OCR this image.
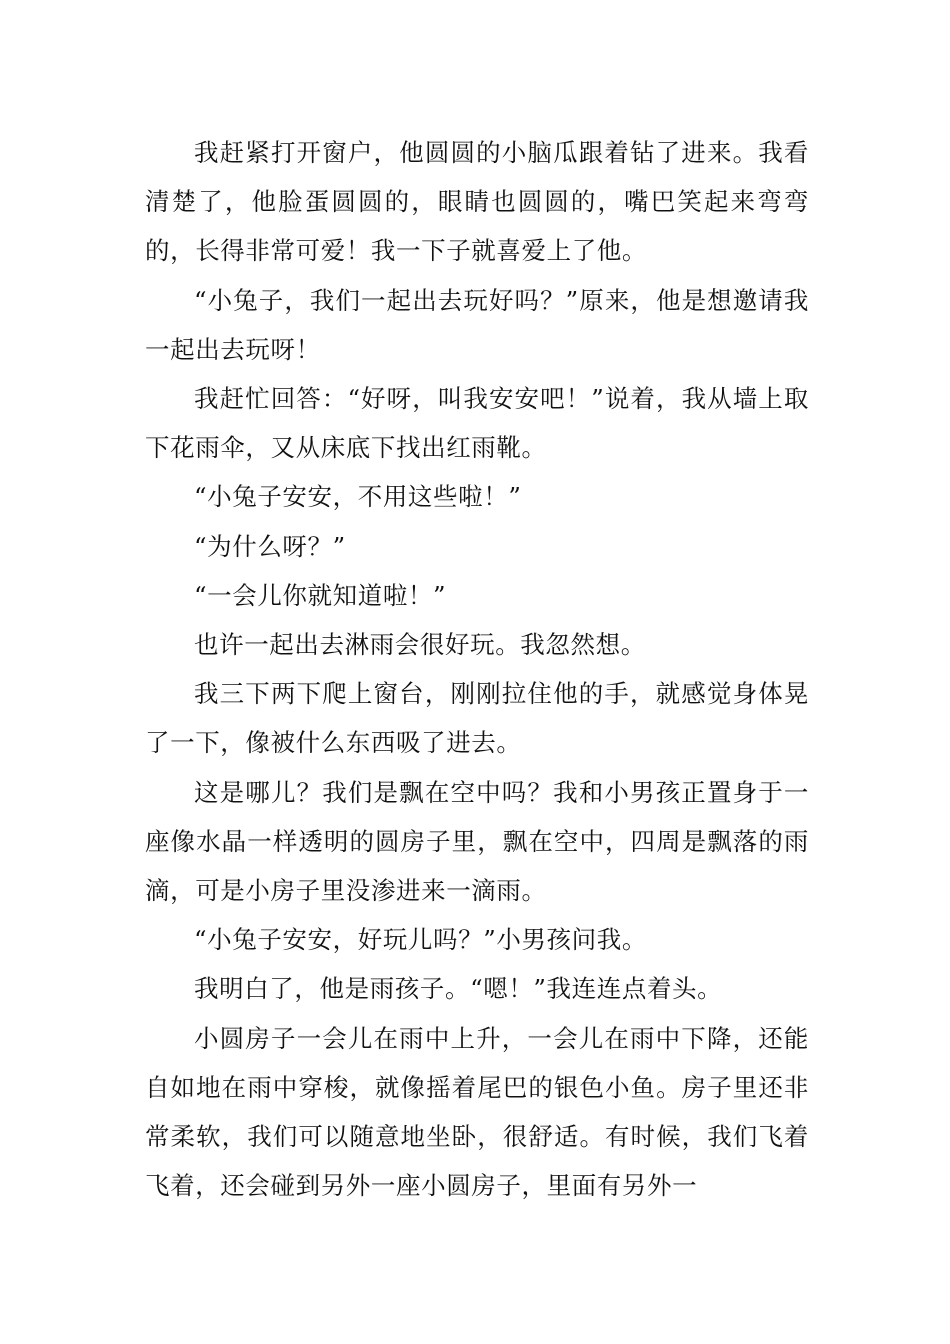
我赶紧打开窗户，他圆圆的小脑瓜跟着钻了进来。我看清楚了，他脸蛋圆圆的，眼睛也圆圆的，嘴巴笑起来弯弯的，长得非常可爱！我一下子就喜爱上了他。

“小兔子，我们一起出去玩好吗？”原来，他是想邀请我一起出去玩呀！

我赶忙回答：“好呀，叫我安安吧！”说着，我从墙上取下花雨伞，又从床底下找出红雨靴。

“小兔子安安，不用这些啦！”

“为什么呀？”

“一会儿你就知道啦！”

也许一起出去淋雨会很好玩。我忽然想。

我三下两下爬上窗台，刚刚拉住他的手，就感觉身体晃了一下，像被什么东西吸了进去。

这是哪儿？我们是飘在空中吗？我和小男孩正置身于一座像水晶一样透明的圆房子里，飘在空中，四周是飘落的雨滴，可是小房子里没渗进来一滴雨。

“小兔子安安，好玩儿吗？”小男孩问我。

我明白了，他是雨孩子。“嗯！”我连连点着头。

小圆房子一会儿在雨中上升，一会儿在雨中下降，还能自如地在雨中穿梭，就像摇着尾巴的银色小鱼。房子里还非常柔软，我们可以随意地坐卧，很舒适。有时候，我们飞着飞着，还会碰到另外一座小圆房子，里面有另外一
